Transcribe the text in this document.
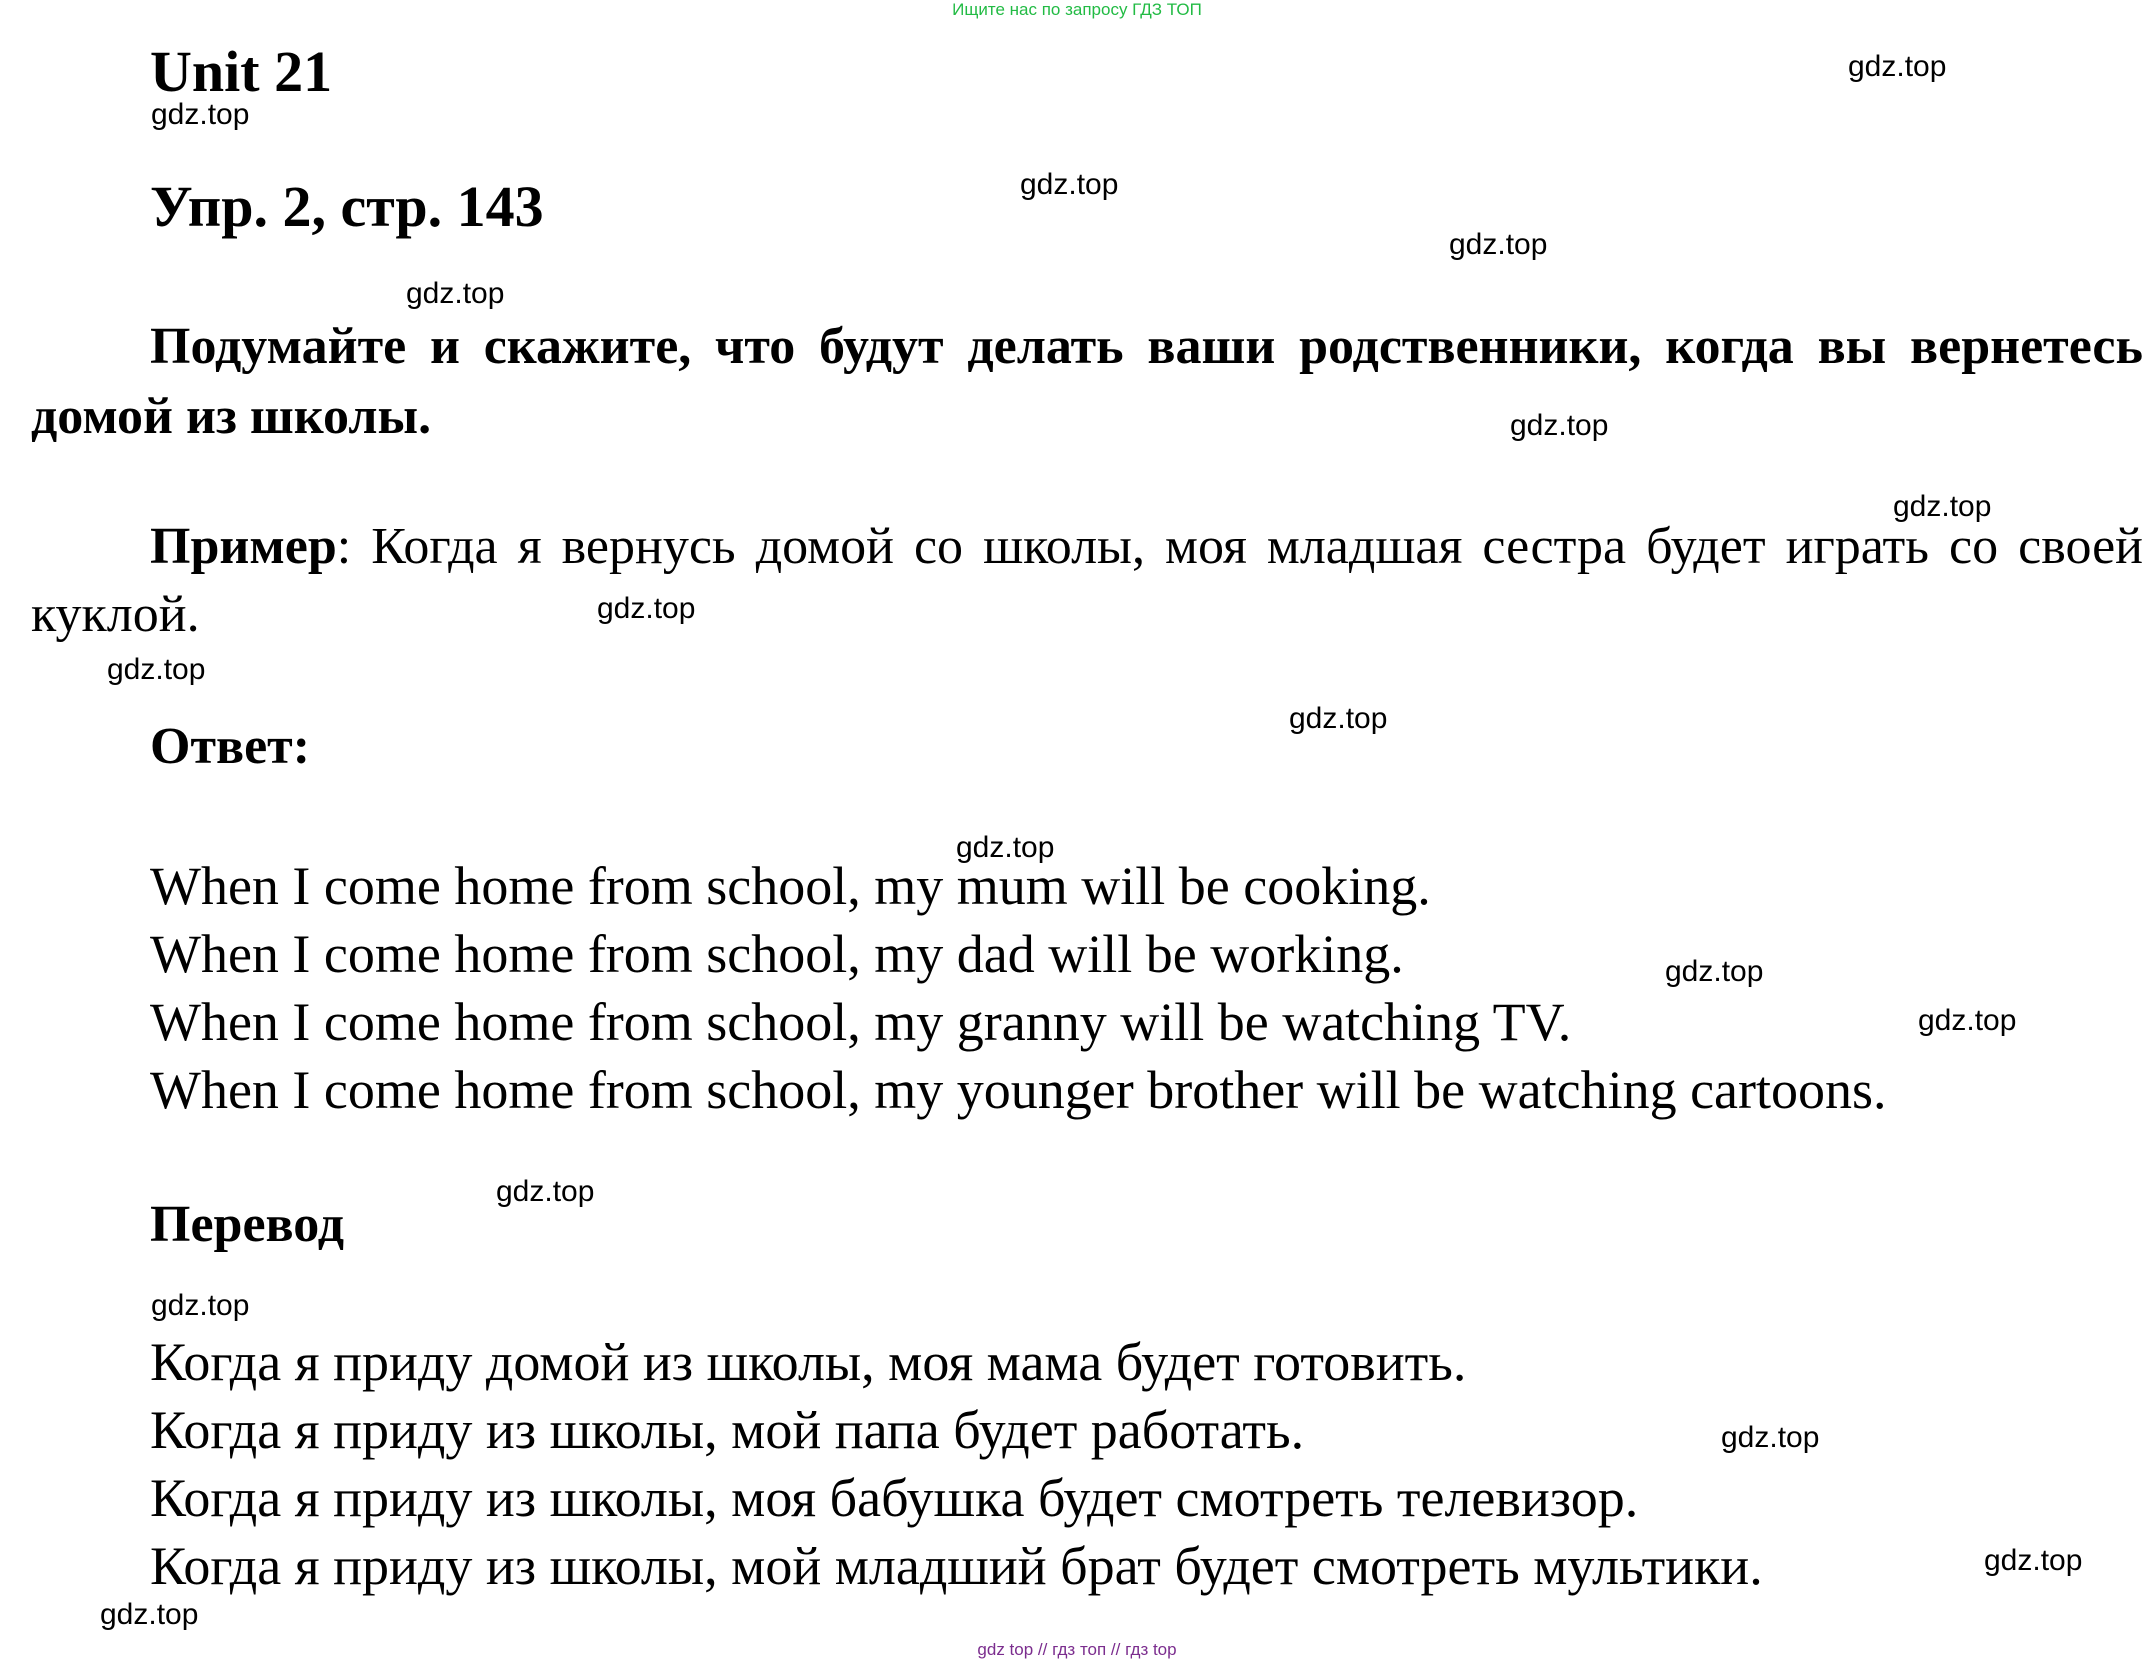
Ищите нас по запросу ГДЗ ТОП
Unit 21
Упр. 2, стр. 143
Подумайте и скажите, что будут делать ваши родственники, когда вы вернетесь домой из школы.
Пример: Когда я вернусь домой со школы, моя младшая сестра будет играть со своей куклой.
Ответ:
When I come home from school, my mum will be cooking.
When I come home from school, my dad will be working.
When I come home from school, my granny will be watching TV.
When I come home from school, my younger brother will be watching cartoons.
Перевод
Когда я приду домой из школы, моя мама будет готовить.
Когда я приду из школы, мой папа будет работать.
Когда я приду из школы, моя бабушка будет смотреть телевизор.
Когда я приду из школы, мой младший брат будет смотреть мультики.
gdz.top
gdz.top
gdz.top
gdz.top
gdz.top
gdz.top
gdz.top
gdz.top
gdz.top
gdz.top
gdz.top
gdz.top
gdz.top
gdz.top
gdz.top
gdz.top
gdz.top
gdz.top
gdz top // гдз топ // гдз top
